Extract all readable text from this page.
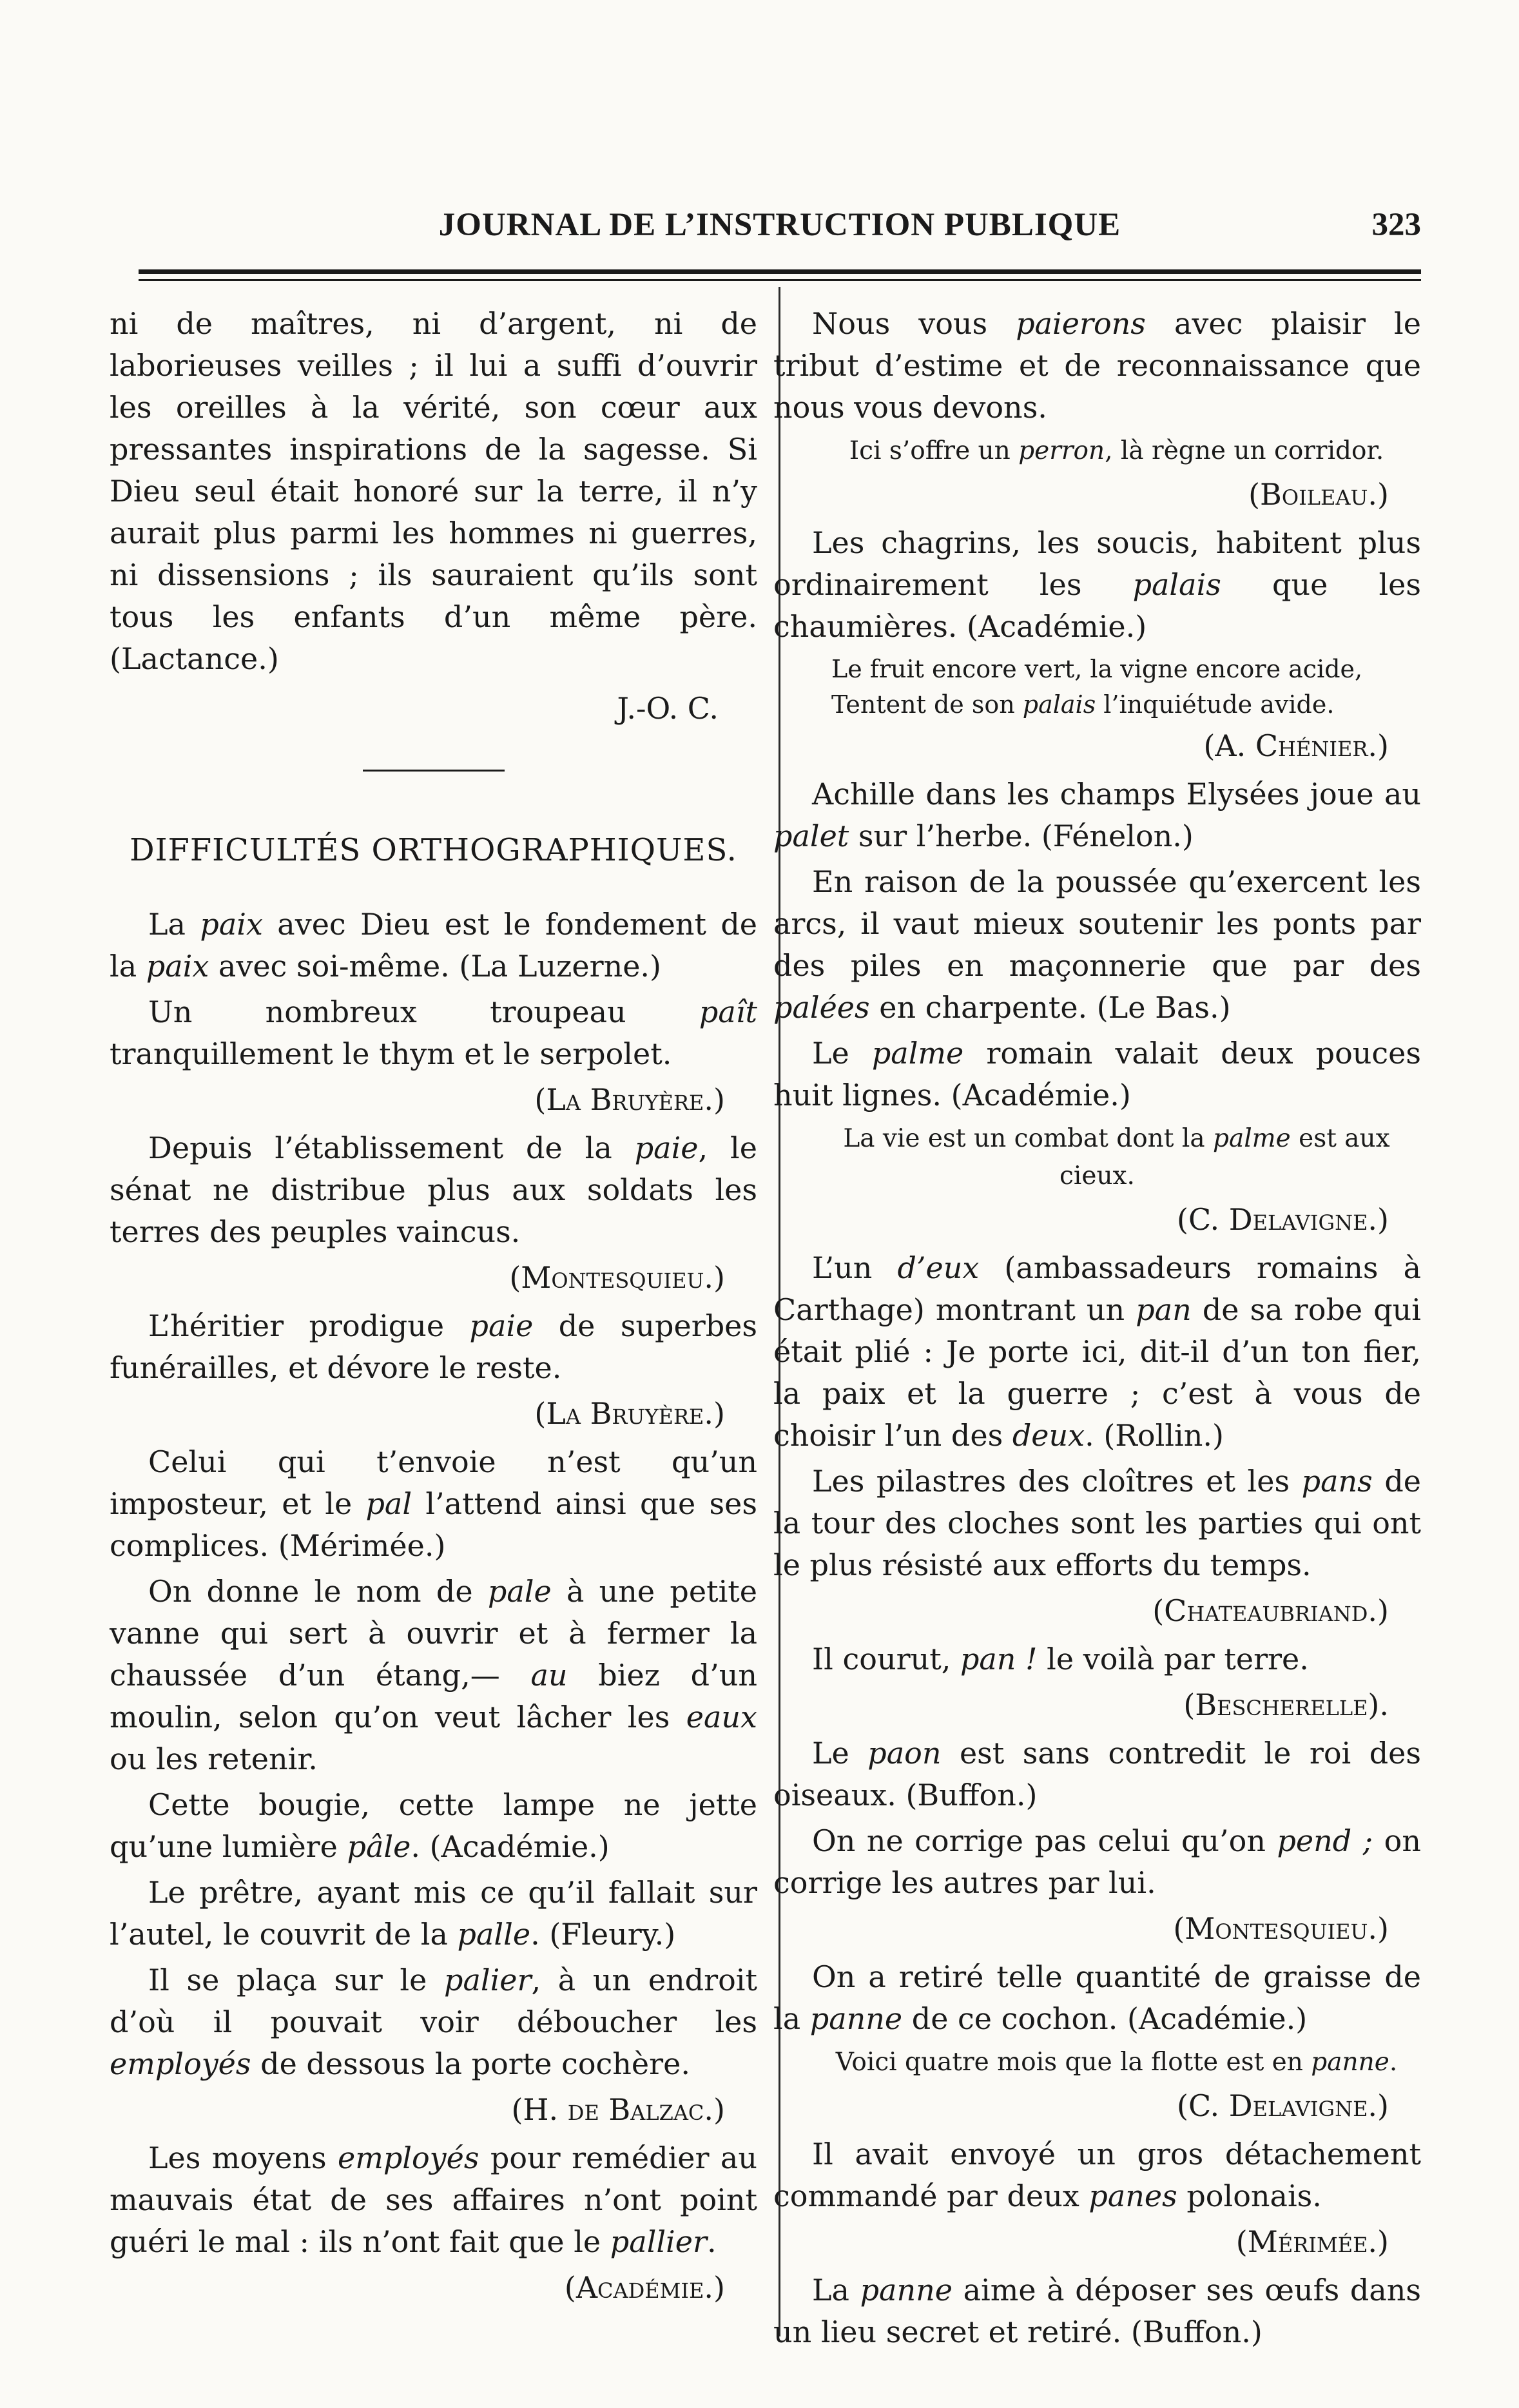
JOURNAL DE L’INSTRUCTION PUBLIQUE	323

ni de maîtres, ni d’argent, ni de laborieuses veilles ; il lui a suffi d’ouvrir les oreilles à la vérité, son cœur aux pressantes inspirations de la sagesse. Si Dieu seul était honoré sur la terre, il n’y aurait plus parmi les hommes ni guerres, ni dissensions ; ils sauraient qu’ils sont tous les enfants d’un même père. (Lactance.)

J.-O. C.
DIFFICULTÉS ORTHOGRAPHIQUES.

La paix avec Dieu est le fondement de la paix avec soi-même. (La Luzerne.)

Un nombreux troupeau paît tranquillement le thym et le serpolet.

(La Bruyère.)

Depuis l’établissement de la paie, le sénat ne distribue plus aux soldats les terres des peuples vaincus.

(Montesquieu.)

L’héritier prodigue paie de superbes funérailles, et dévore le reste.

(La Bruyère.)

Celui qui t’envoie n’est qu’un imposteur, et le pal l’attend ainsi que ses complices. (Mérimée.)

On donne le nom de pale à une petite vanne qui sert à ouvrir et à fermer la chaussée d’un étang,— au biez d’un moulin, selon qu’on veut lâcher les eaux ou les retenir.

Cette bougie, cette lampe ne jette qu’une lumière pâle. (Académie.)

Le prêtre, ayant mis ce qu’il fallait sur l’autel, le couvrit de la palle. (Fleury.)

Il se plaça sur le palier, à un endroit d’où il pouvait voir déboucher les employés de dessous la porte cochère.

(H. de Balzac.)

Les moyens employés pour remédier au mauvais état de ses affaires n’ont point guéri le mal : ils n’ont fait que le pallier.

(Académie.)

Nous vous paierons avec plaisir le tribut d’estime et de reconnaissance que nous vous devons.

Ici s’offre un perron, là règne un corridor.

(Boileau.)

Les chagrins, les soucis, habitent plus ordinairement les palais que les chaumières. (Académie.)

Le fruit encore vert, la vigne encore acide,
Tentent de son palais l’inquiétude avide.
(A. Chénier.)

Achille dans les champs Elysées joue au palet sur l’herbe. (Fénelon.)

En raison de la poussée qu’exercent les arcs, il vaut mieux soutenir les ponts par des piles en maçonnerie que par des palées en charpente. (Le Bas.)

Le palme romain valait deux pouces huit lignes. (Académie.)

La vie est un combat dont la palme est aux cieux.

(C. Delavigne.)

L’un d’eux (ambassadeurs romains à Carthage) montrant un pan de sa robe qui était plié : Je porte ici, dit-il d’un ton fier, la paix et la guerre ; c’est à vous de choisir l’un des deux. (Rollin.)

Les pilastres des cloîtres et les pans de la tour des cloches sont les parties qui ont le plus résisté aux efforts du temps.

(Chateaubriand.)

Il courut, pan ! le voilà par terre.

(Bescherelle).

Le paon est sans contredit le roi des oiseaux. (Buffon.)

On ne corrige pas celui qu’on pend ; on corrige les autres par lui.

(Montesquieu.)

On a retiré telle quantité de graisse de la panne de ce cochon. (Académie.)

Voici quatre mois que la flotte est en panne.

(C. Delavigne.)

Il avait envoyé un gros détachement commandé par deux panes polonais.

(Mérimée.)

La panne aime à déposer ses œufs dans un lieu secret et retiré. (Buffon.)
